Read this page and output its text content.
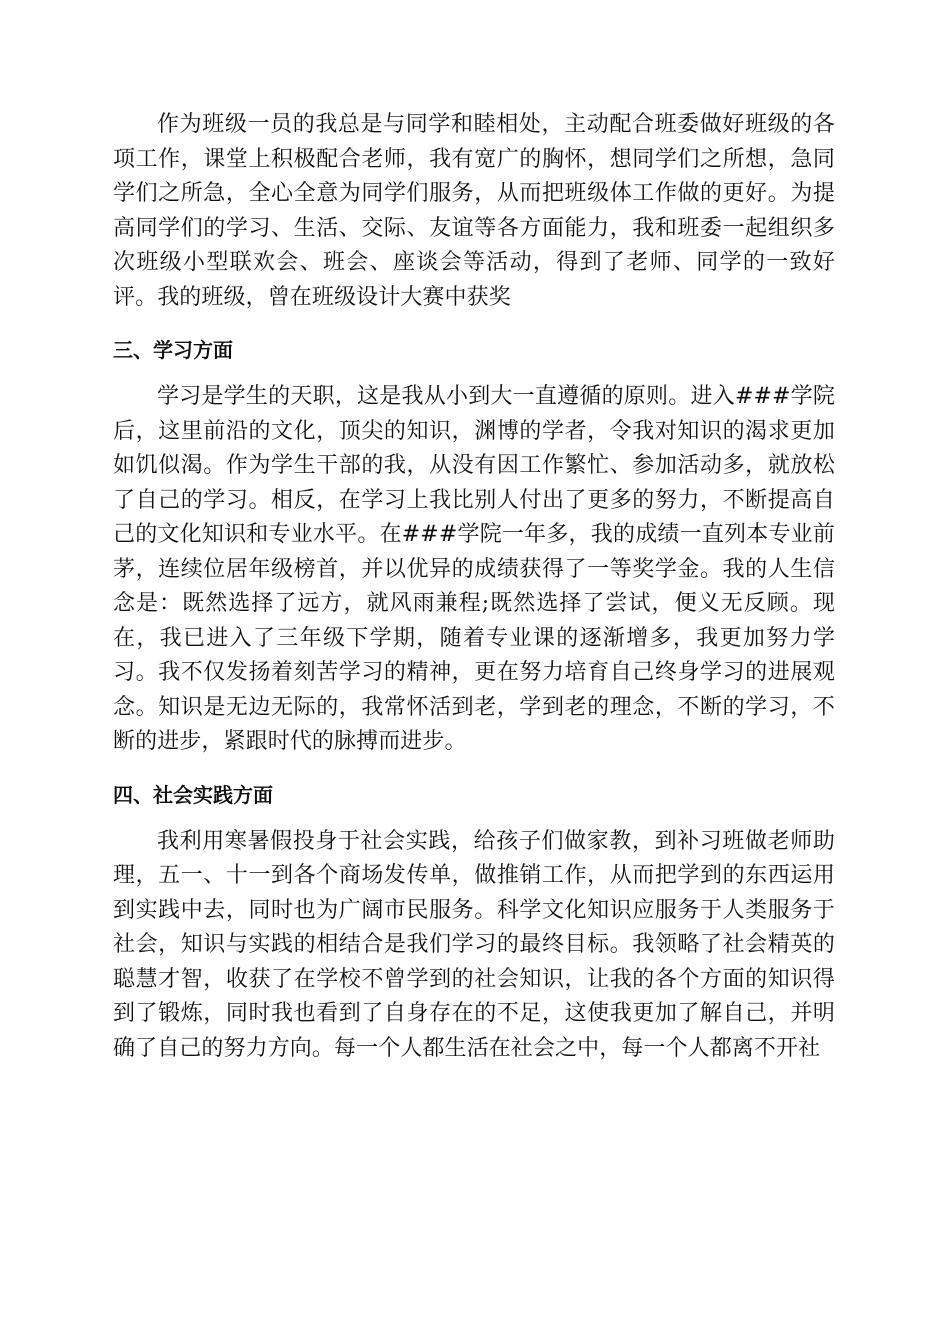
作为班级一员的我总是与同学和睦相处，主动配合班委做好班级的各项工作，课堂上积极配合老师，我有宽广的胸怀，想同学们之所想，急同学们之所急，全心全意为同学们服务，从而把班级体工作做的更好。为提高同学们的学习、生活、交际、友谊等各方面能力，我和班委一起组织多次班级小型联欢会、班会、座谈会等活动，得到了老师、同学的一致好评。我的班级，曾在班级设计大赛中获奖

三、学习方面

学习是学生的天职，这是我从小到大一直遵循的原则。进入###学院后，这里前沿的文化，顶尖的知识，渊博的学者，令我对知识的渴求更加如饥似渴。作为学生干部的我，从没有因工作繁忙、参加活动多，就放松了自己的学习。相反，在学习上我比别人付出了更多的努力，不断提高自己的文化知识和专业水平。在###学院一年多，我的成绩一直列本专业前茅，连续位居年级榜首，并以优异的成绩获得了一等奖学金。我的人生信念是：既然选择了远方，就风雨兼程;既然选择了尝试，便义无反顾。现在，我已进入了三年级下学期，随着专业课的逐渐增多，我更加努力学习。我不仅发扬着刻苦学习的精神，更在努力培育自己终身学习的进展观念。知识是无边无际的，我常怀活到老，学到老的理念，不断的学习，不断的进步，紧跟时代的脉搏而进步。

四、社会实践方面

我利用寒暑假投身于社会实践，给孩子们做家教，到补习班做老师助理，五一、十一到各个商场发传单，做推销工作，从而把学到的东西运用到实践中去，同时也为广阔市民服务。科学文化知识应服务于人类服务于社会，知识与实践的相结合是我们学习的最终目标。我领略了社会精英的聪慧才智，收获了在学校不曾学到的社会知识，让我的各个方面的知识得到了锻炼，同时我也看到了自身存在的不足，这使我更加了解自己，并明确了自己的努力方向。每一个人都生活在社会之中，每一个人都离不开社
